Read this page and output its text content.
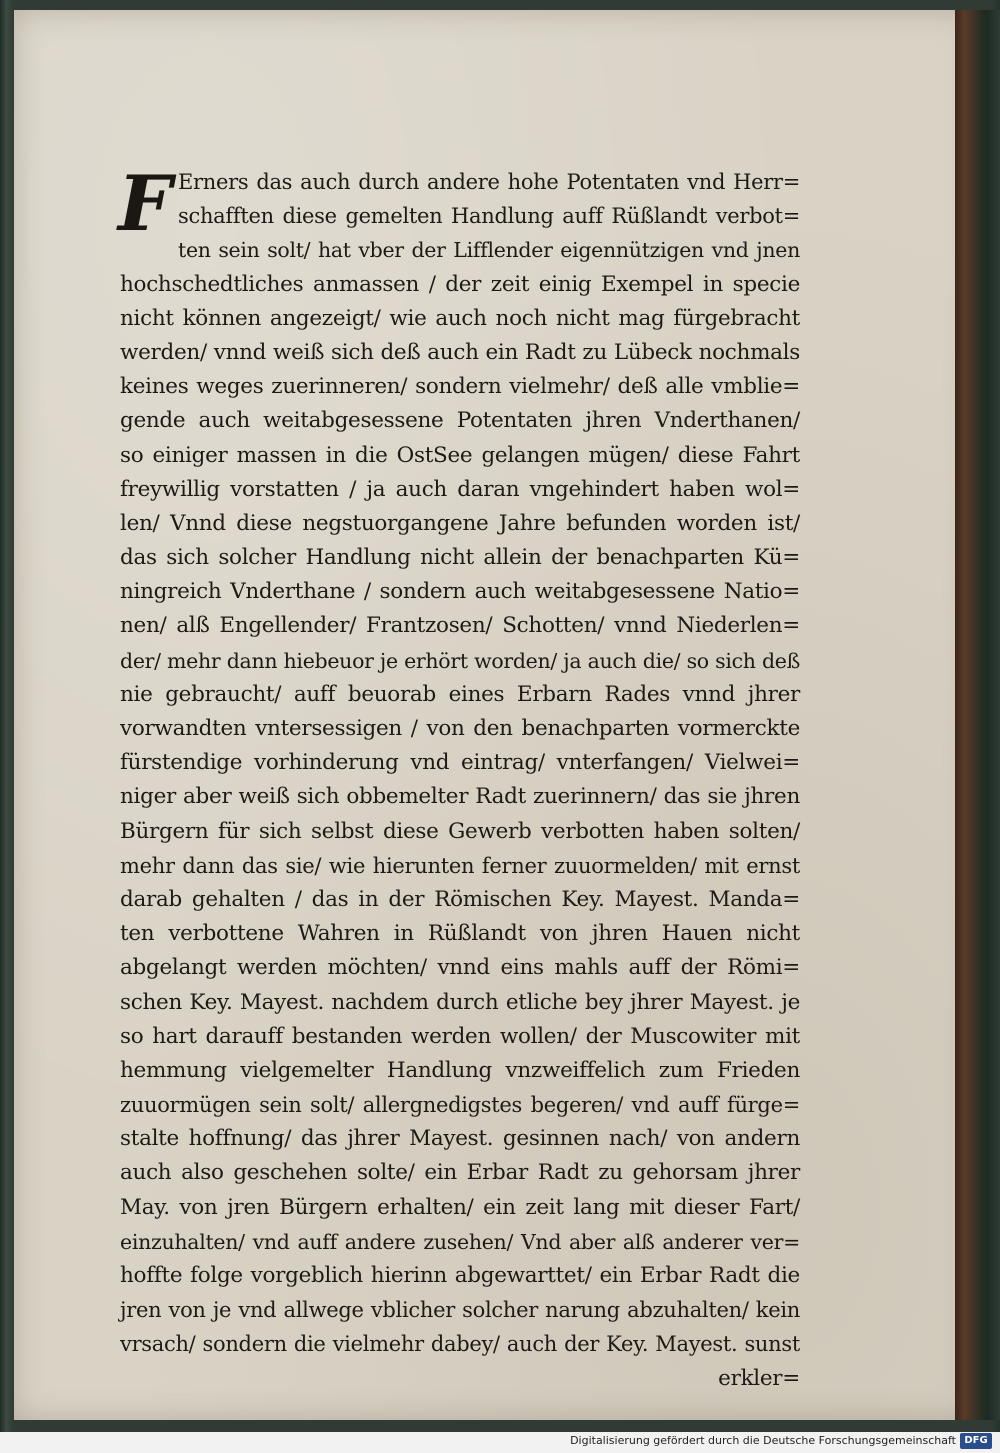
F Erners das auch durch andere hohe Potentaten vnd Herr=
schafften diese gemelten Handlung auff Rüßlandt verbot=
ten sein solt/ hat vber der Lifflender eigennützigen vnd jnen
hochschedtliches anmassen / der zeit einig Exempel in specie
nicht können angezeigt/ wie auch noch nicht mag fürgebracht
werden/ vnnd weiß sich deß auch ein Radt zu Lübeck nochmals
keines weges zuerinneren/ sondern vielmehr/ deß alle vmblie=
gende auch weitabgesessene Potentaten jhren Vnderthanen/
so einiger massen in die OstSee gelangen mügen/ diese Fahrt
freywillig vorstatten / ja auch daran vngehindert haben wol=
len/ Vnnd diese negstuorgangene Jahre befunden worden ist/
das sich solcher Handlung nicht allein der benachparten Kü=
ningreich Vnderthane / sondern auch weitabgesessene Natio=
nen/ alß Engellender/ Frantzosen/ Schotten/ vnnd Niederlen=
der/ mehr dann hiebeuor je erhört worden/ ja auch die/ so sich deß
nie gebraucht/ auff beuorab eines Erbarn Rades vnnd jhrer
vorwandten vntersessigen / von den benachparten vormerckte
fürstendige vorhinderung vnd eintrag/ vnterfangen/ Vielwei=
niger aber weiß sich obbemelter Radt zuerinnern/ das sie jhren
Bürgern für sich selbst diese Gewerb verbotten haben solten/
mehr dann das sie/ wie hierunten ferner zuuormelden/ mit ernst
darab gehalten / das in der Römischen Key. Mayest. Manda=
ten verbottene Wahren in Rüßlandt von jhren Hauen nicht
abgelangt werden möchten/ vnnd eins mahls auff der Römi=
schen Key. Mayest. nachdem durch etliche bey jhrer Mayest. je
so hart darauff bestanden werden wollen/ der Muscowiter mit
hemmung vielgemelter Handlung vnzweiffelich zum Frieden
zuuormügen sein solt/ allergnedigstes begeren/ vnd auff fürge=
stalte hoffnung/ das jhrer Mayest. gesinnen nach/ von andern
auch also geschehen solte/ ein Erbar Radt zu gehorsam jhrer
May. von jren Bürgern erhalten/ ein zeit lang mit dieser Fart/
einzuhalten/ vnd auff andere zusehen/ Vnd aber alß anderer ver=
hoffte folge vorgeblich hierinn abgewarttet/ ein Erbar Radt die
jren von je vnd allwege vblicher solcher narung abzuhalten/ kein
vrsach/ sondern die vielmehr dabey/ auch der Key. Mayest. sunst
erkler=
Digitalisierung gefördert durch die Deutsche Forschungsgemeinschaft DFG
